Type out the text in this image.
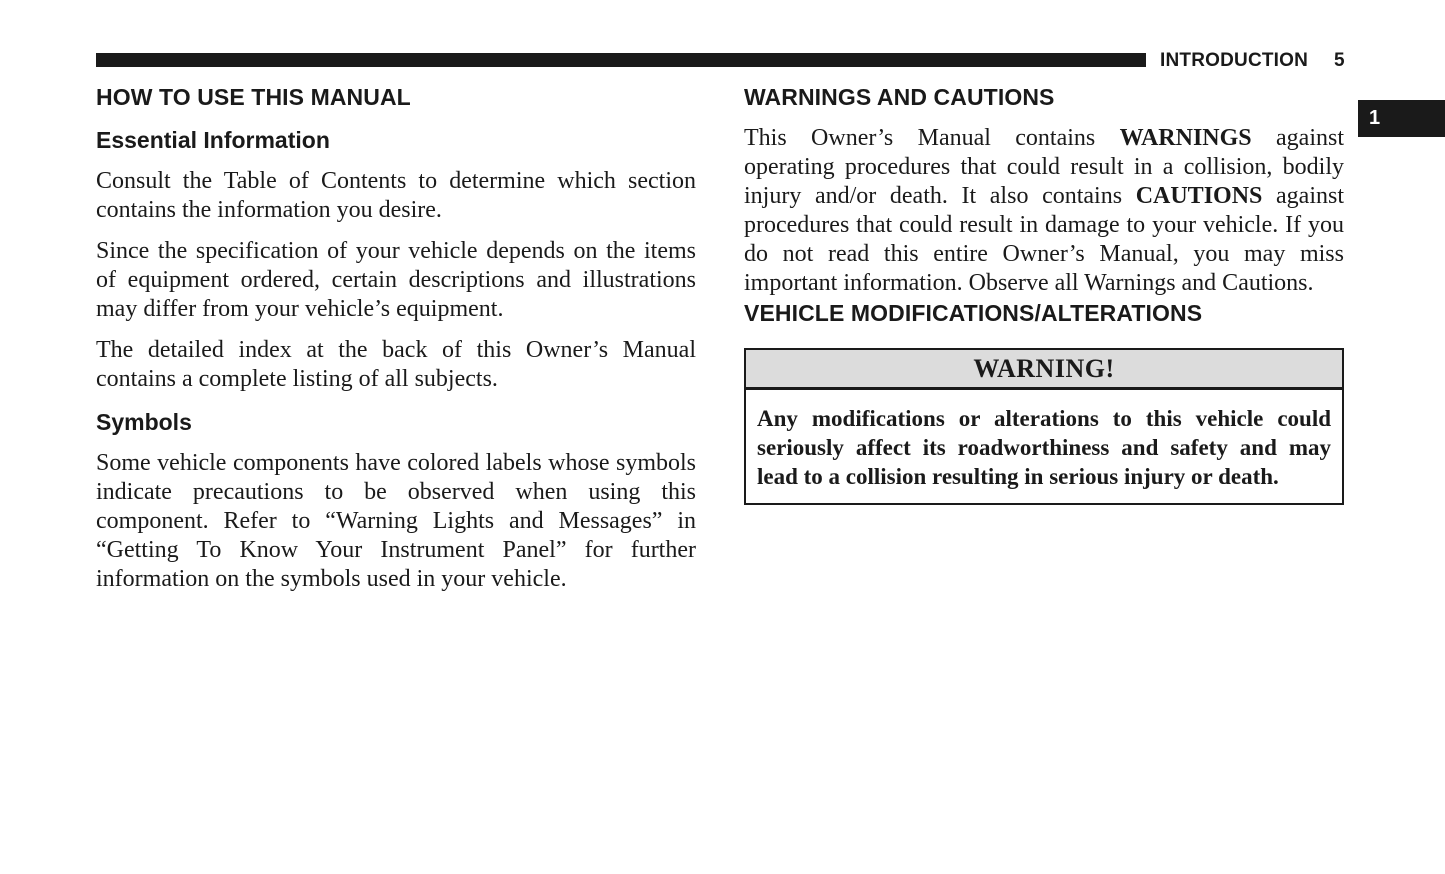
INTRODUCTION 5
1
HOW TO USE THIS MANUAL
Essential Information

Consult the Table of Contents to determine which section contains the information you desire.

Since the specification of your vehicle depends on the items of equipment ordered, certain descriptions and illustrations may differ from your vehicle’s equipment.

The detailed index at the back of this Owner’s Manual contains a complete listing of all subjects.

Symbols

Some vehicle components have colored labels whose symbols indicate precautions to be observed when using this component. Refer to “Warning Lights and Messages” in “Getting To Know Your Instrument Panel” for further information on the symbols used in your vehicle.

WARNINGS AND CAUTIONS

This Owner’s Manual contains WARNINGS against operating procedures that could result in a collision, bodily injury and/or death. It also contains CAUTIONS against procedures that could result in damage to your vehicle. If you do not read this entire Owner’s Manual, you may miss important information. Observe all Warnings and Cautions.

VEHICLE MODIFICATIONS/ALTERATIONS
WARNING!
Any modifications or alterations to this vehicle could seriously affect its roadworthiness and safety and may lead to a collision resulting in serious injury or death.
